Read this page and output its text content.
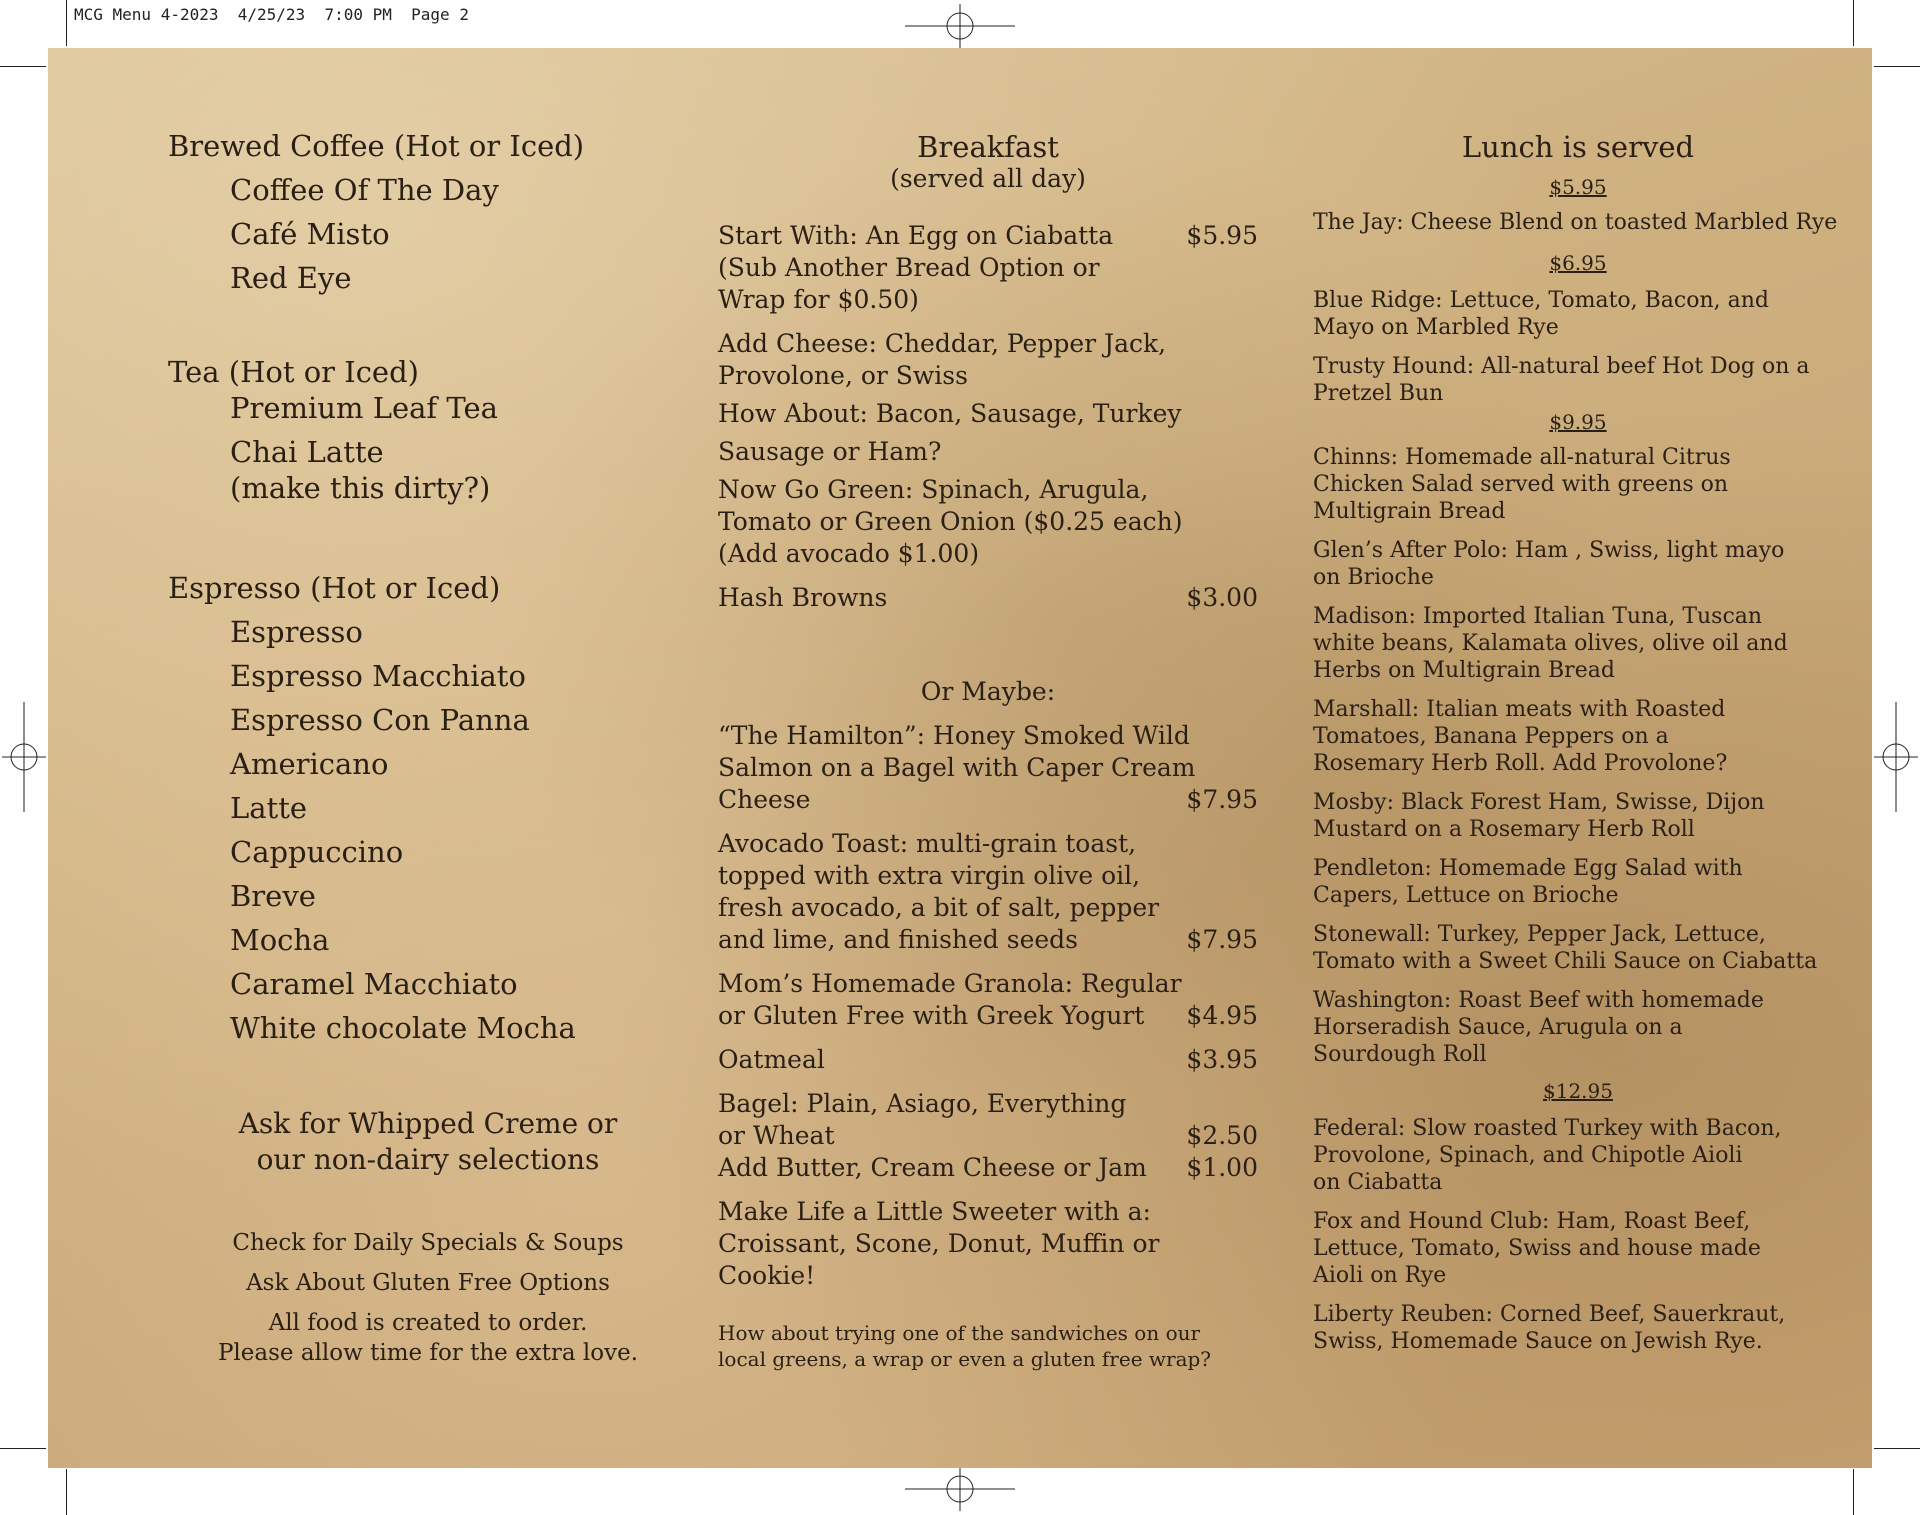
MCG Menu 4-2023  4/25/23  7:00 PM  Page 2

Brewed Coffee (Hot or Iced)

Coffee Of The Day

Café Misto

Red Eye

Tea (Hot or Iced)

Premium Leaf Tea

Chai Latte

(make this dirty?)

Espresso (Hot or Iced)

Espresso

Espresso Macchiato

Espresso Con Panna

Americano

Latte

Cappuccino

Breve

Mocha

Caramel Macchiato

White chocolate Mocha

Ask for Whipped Creme or
our non-dairy selections
Check for Daily Specials & Soups
Ask About Gluten Free Options
All food is created to order.
Please allow time for the extra love.

Breakfast

(served all day)

Start With: An Egg on Ciabatta	$5.95
(Sub Another Bread Option or
Wrap for $0.50)
Add Cheese: Cheddar, Pepper Jack,
Provolone, or Swiss
How About: Bacon, Sausage, Turkey
Sausage or Ham?
Now Go Green: Spinach, Arugula,
Tomato or Green Onion ($0.25 each)
(Add avocado $1.00)
Hash Browns	$3.00
Or Maybe:
“The Hamilton”: Honey Smoked Wild
Salmon on a Bagel with Caper Cream
Cheese	$7.95
Avocado Toast: multi-grain toast,
topped with extra virgin olive oil,
fresh avocado, a bit of salt, pepper
and lime, and finished seeds	$7.95
Mom’s Homemade Granola: Regular
or Gluten Free with Greek Yogurt	$4.95
Oatmeal	$3.95
Bagel: Plain, Asiago, Everything
or Wheat	$2.50
Add Butter, Cream Cheese or Jam	$1.00
Make Life a Little Sweeter with a:
Croissant, Scone, Donut, Muffin or Cookie!
How about trying one of the sandwiches on our
local greens, a wrap or even a gluten free wrap?

Lunch is served

$5.95

The Jay: Cheese Blend on toasted Marbled Rye

$6.95

Blue Ridge: Lettuce, Tomato, Bacon, and
Mayo on Marbled Rye
Trusty Hound: All-natural beef Hot Dog on a
Pretzel Bun

$9.95

Chinns: Homemade all-natural Citrus
Chicken Salad served with greens on
Multigrain Bread
Glen’s After Polo: Ham , Swiss, light mayo
on Brioche
Madison: Imported Italian Tuna, Tuscan
white beans, Kalamata olives, olive oil and
Herbs on Multigrain Bread
Marshall: Italian meats with Roasted
Tomatoes, Banana Peppers on a
Rosemary Herb Roll. Add Provolone?
Mosby: Black Forest Ham, Swisse, Dijon
Mustard on a Rosemary Herb Roll
Pendleton: Homemade Egg Salad with
Capers, Lettuce on Brioche
Stonewall: Turkey, Pepper Jack, Lettuce,
Tomato with a Sweet Chili Sauce on Ciabatta
Washington: Roast Beef with homemade
Horseradish Sauce, Arugula on a
Sourdough Roll

$12.95

Federal: Slow roasted Turkey with Bacon,
Provolone, Spinach, and Chipotle Aioli
on Ciabatta
Fox and Hound Club: Ham, Roast Beef,
Lettuce, Tomato, Swiss and house made
Aioli on Rye
Liberty Reuben: Corned Beef, Sauerkraut,
Swiss, Homemade Sauce on Jewish Rye.
